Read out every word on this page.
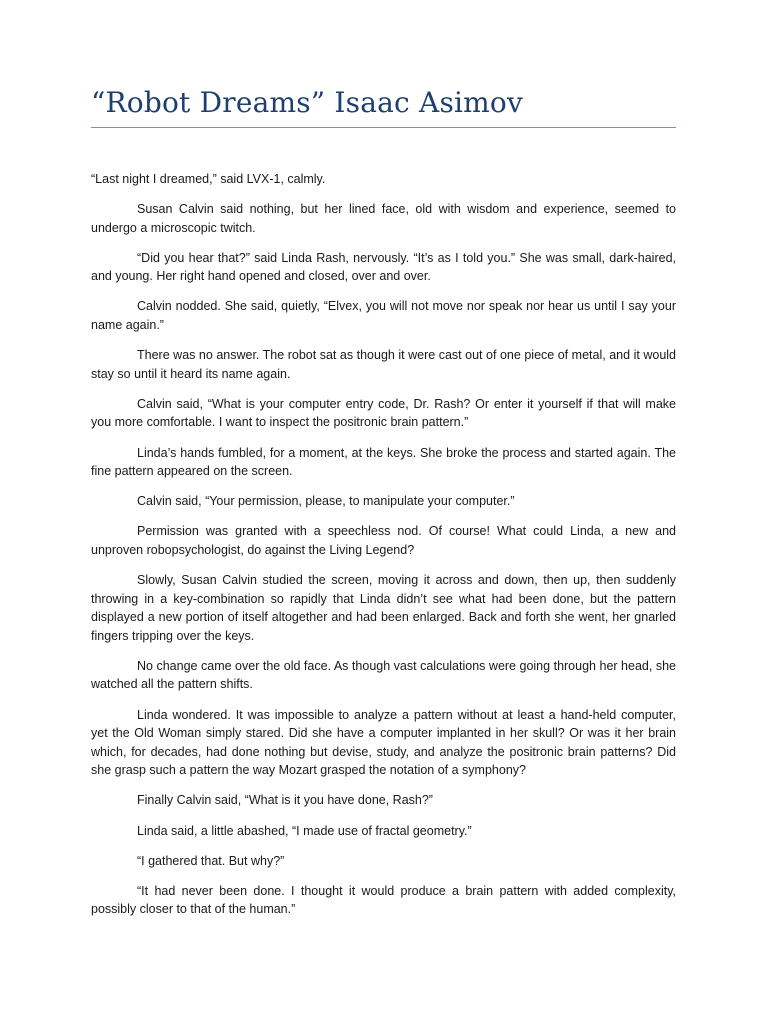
“Robot Dreams” Isaac Asimov

“Last night I dreamed,” said LVX-1, calmly.

Susan Calvin said nothing, but her lined face, old with wisdom and experience, seemed to undergo a microscopic twitch.

“Did you hear that?” said Linda Rash, nervously. “It’s as I told you.” She was small, dark-haired, and young. Her right hand opened and closed, over and over.

Calvin nodded. She said, quietly, “Elvex, you will not move nor speak nor hear us until I say your name again.”

There was no answer. The robot sat as though it were cast out of one piece of metal, and it would stay so until it heard its name again.

Calvin said, “What is your computer entry code, Dr. Rash? Or enter it yourself if that will make you more comfortable. I want to inspect the positronic brain pattern.”

Linda’s hands fumbled, for a moment, at the keys. She broke the process and started again. The fine pattern appeared on the screen.

Calvin said, “Your permission, please, to manipulate your computer.”

Permission was granted with a speechless nod. Of course! What could Linda, a new and unproven robopsychologist, do against the Living Legend?

Slowly, Susan Calvin studied the screen, moving it across and down, then up, then suddenly throwing in a key-combination so rapidly that Linda didn’t see what had been done, but the pattern displayed a new portion of itself altogether and had been enlarged. Back and forth she went, her gnarled fingers tripping over the keys.

No change came over the old face. As though vast calculations were going through her head, she watched all the pattern shifts.

Linda wondered. It was impossible to analyze a pattern without at least a hand-held computer, yet the Old Woman simply stared. Did she have a computer implanted in her skull? Or was it her brain which, for decades, had done nothing but devise, study, and analyze the positronic brain patterns? Did she grasp such a pattern the way Mozart grasped the notation of a symphony?

Finally Calvin said, “What is it you have done, Rash?”

Linda said, a little abashed, “I made use of fractal geometry.”

“I gathered that. But why?”

“It had never been done. I thought it would produce a brain pattern with added complexity, possibly closer to that of the human.”
